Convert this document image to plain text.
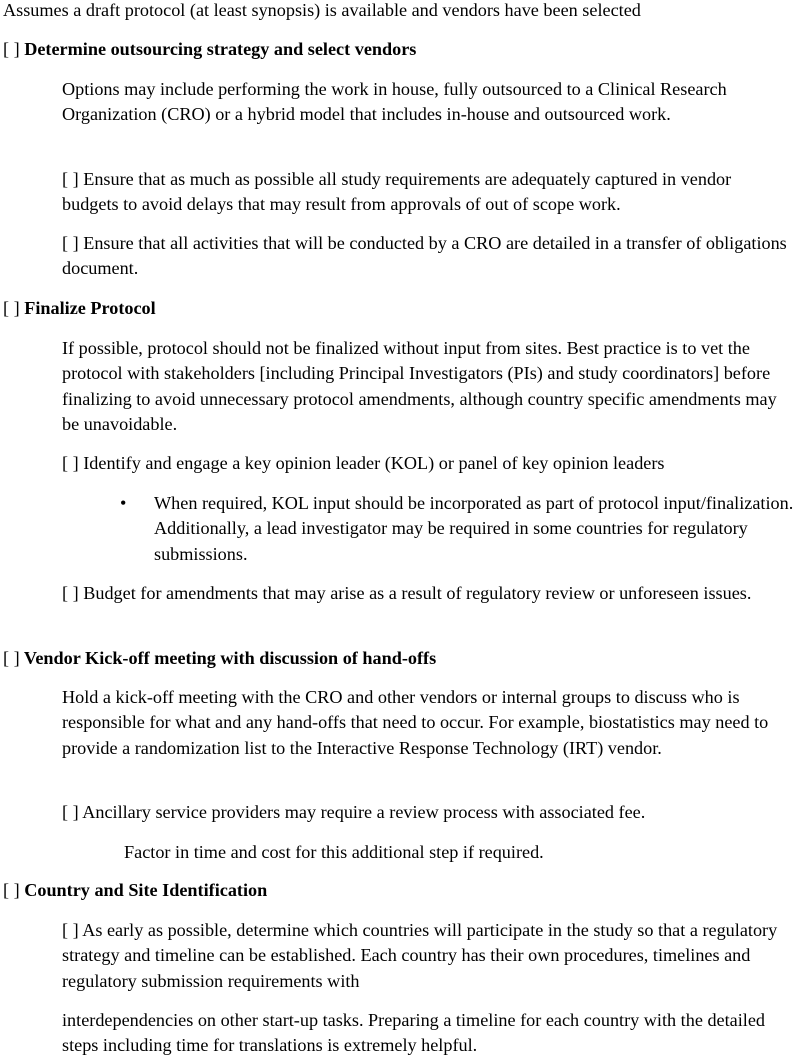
Assumes a draft protocol (at least synopsis) is available and vendors have been selected

[ ] Determine outsourcing strategy and select vendors

Options may include performing the work in house, fully outsourced to a Clinical Research Organization (CRO) or a hybrid model that includes in-house and outsourced work.

[ ] Ensure that as much as possible all study requirements are adequately captured in vendor budgets to avoid delays that may result from approvals of out of scope work.

[ ] Ensure that all activities that will be conducted by a CRO are detailed in a transfer of obligations document.

[ ] Finalize Protocol

If possible, protocol should not be finalized without input from sites. Best practice is to vet the protocol with stakeholders [including Principal Investigators (PIs) and study coordinators] before finalizing to avoid unnecessary protocol amendments, although country specific amendments may be unavoidable.

[ ] Identify and engage a key opinion leader (KOL) or panel of key opinion leaders

• When required, KOL input should be incorporated as part of protocol input/finalization. Additionally, a lead investigator may be required in some countries for regulatory submissions.

[ ] Budget for amendments that may arise as a result of regulatory review or unforeseen issues.

[ ] Vendor Kick-off meeting with discussion of hand-offs

Hold a kick-off meeting with the CRO and other vendors or internal groups to discuss who is responsible for what and any hand-offs that need to occur. For example, biostatistics may need to provide a randomization list to the Interactive Response Technology (IRT) vendor.

[ ] Ancillary service providers may require a review process with associated fee.

Factor in time and cost for this additional step if required.

[ ] Country and Site Identification

[ ] As early as possible, determine which countries will participate in the study so that a regulatory strategy and timeline can be established. Each country has their own procedures, timelines and regulatory submission requirements with

interdependencies on other start-up tasks. Preparing a timeline for each country with the detailed steps including time for translations is extremely helpful.
